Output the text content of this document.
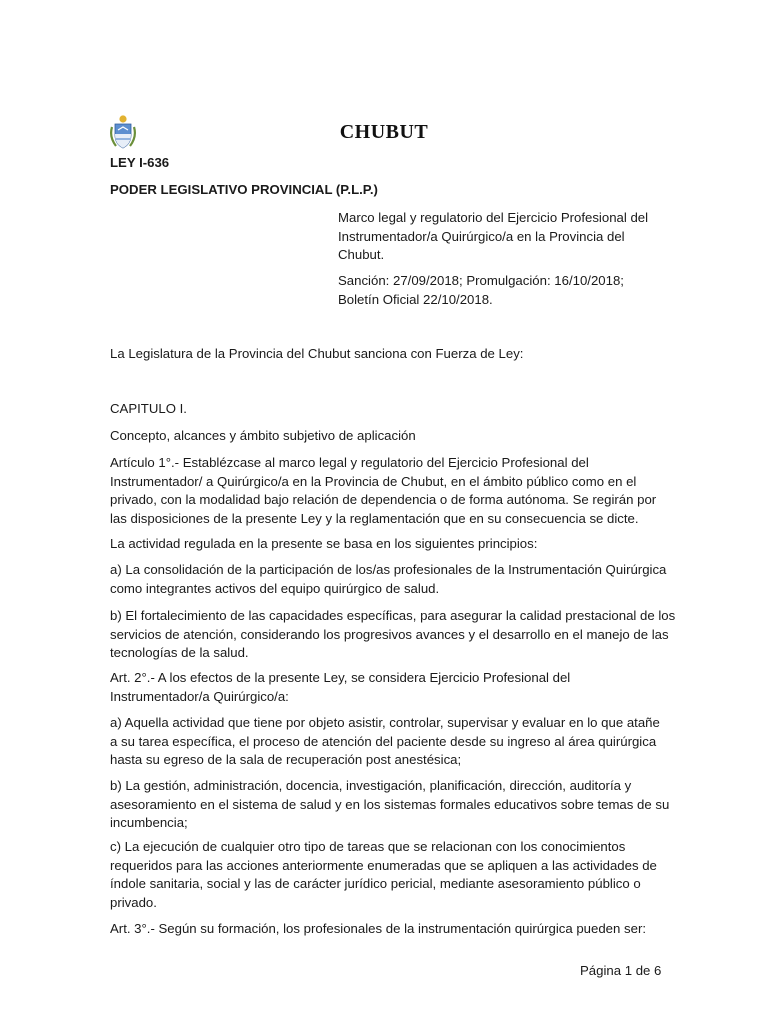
CHUBUT
LEY I-636
PODER LEGISLATIVO PROVINCIAL (P.L.P.)
Marco legal y regulatorio del Ejercicio Profesional del
Instrumentador/a Quirúrgico/a en la Provincia del
Chubut.
Sanción: 27/09/2018; Promulgación: 16/10/2018;
Boletín Oficial 22/10/2018.
La Legislatura de la Provincia del Chubut sanciona con Fuerza de Ley:
CAPITULO I.
Concepto, alcances y ámbito subjetivo de aplicación
Artículo 1°.- Establézcase al marco legal y regulatorio del Ejercicio Profesional del
Instrumentador/ a Quirúrgico/a en la Provincia de Chubut, en el ámbito público como en el
privado, con la modalidad bajo relación de dependencia o de forma autónoma. Se regirán por
las disposiciones de la presente Ley y la reglamentación que en su consecuencia se dicte.
La actividad regulada en la presente se basa en los siguientes principios:
a) La consolidación de la participación de los/as profesionales de la Instrumentación Quirúrgica
como integrantes activos del equipo quirúrgico de salud.
b) El fortalecimiento de las capacidades específicas, para asegurar la calidad prestacional de los
servicios de atención, considerando los progresivos avances y el desarrollo en el manejo de las
tecnologías de la salud.
Art. 2°.- A los efectos de la presente Ley, se considera Ejercicio Profesional del
Instrumentador/a Quirúrgico/a:
a) Aquella actividad que tiene por objeto asistir, controlar, supervisar y evaluar en lo que atañe
a su tarea específica, el proceso de atención del paciente desde su ingreso al área quirúrgica
hasta su egreso de la sala de recuperación post anestésica;
b) La gestión, administración, docencia, investigación, planificación, dirección, auditoría y
asesoramiento en el sistema de salud y en los sistemas formales educativos sobre temas de su
incumbencia;
c) La ejecución de cualquier otro tipo de tareas que se relacionan con los conocimientos
requeridos para las acciones anteriormente enumeradas que se apliquen a las actividades de
índole sanitaria, social y las de carácter jurídico pericial, mediante asesoramiento público o
privado.
Art. 3°.- Según su formación, los profesionales de la instrumentación quirúrgica pueden ser:
Página 1 de 6
